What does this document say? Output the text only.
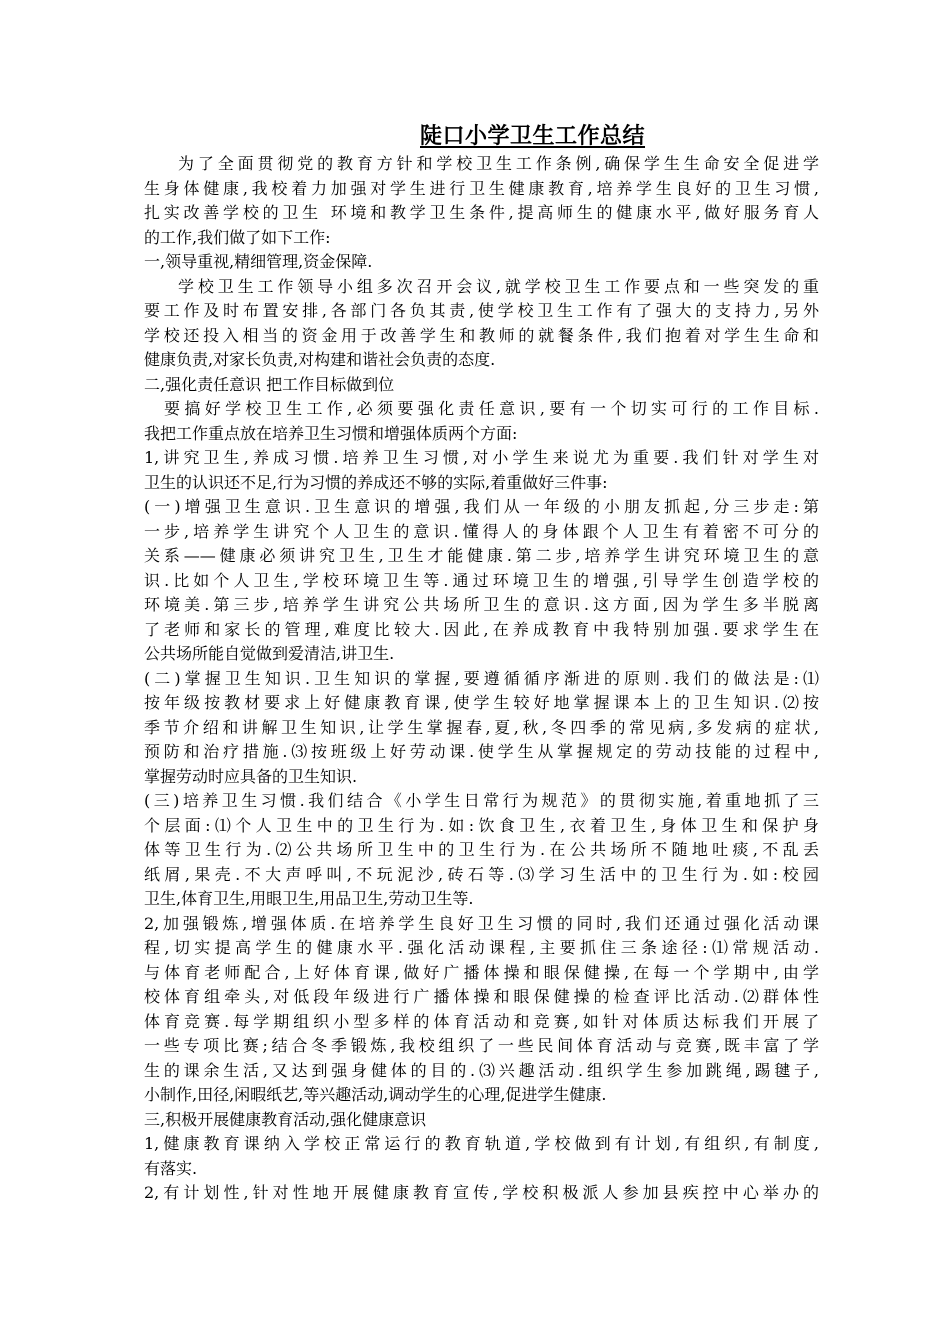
陡口小学卫生工作总结
为了全面贯彻党的教育方针和学校卫生工作条例,确保学生生命安全促进学
生身体健康,我校着力加强对学生进行卫生健康教育,培养学生良好的卫生习惯,
扎实改善学校的卫生 环境和教学卫生条件,提高师生的健康水平,做好服务育人
的工作,我们做了如下工作:
一,领导重视,精细管理,资金保障.
学校卫生工作领导小组多次召开会议,就学校卫生工作要点和一些突发的重
要工作及时布置安排,各部门各负其责,使学校卫生工作有了强大的支持力,另外
学校还投入相当的资金用于改善学生和教师的就餐条件,我们抱着对学生生命和
健康负责,对家长负责,对构建和谐社会负责的态度.
二,强化责任意识 把工作目标做到位
要搞好学校卫生工作,必须要强化责任意识,要有一个切实可行的工作目标.
我把工作重点放在培养卫生习惯和增强体质两个方面:
1,讲究卫生,养成习惯.培养卫生习惯,对小学生来说尤为重要.我们针对学生对
卫生的认识还不足,行为习惯的养成还不够的实际,着重做好三件事:
(一)增强卫生意识.卫生意识的增强,我们从一年级的小朋友抓起,分三步走:第
一步,培养学生讲究个人卫生的意识.懂得人的身体跟个人卫生有着密不可分的
关系——健康必须讲究卫生,卫生才能健康.第二步,培养学生讲究环境卫生的意
识.比如个人卫生,学校环境卫生等.通过环境卫生的增强,引导学生创造学校的
环境美.第三步,培养学生讲究公共场所卫生的意识.这方面,因为学生多半脱离
了老师和家长的管理,难度比较大.因此,在养成教育中我特别加强.要求学生在
公共场所能自觉做到爱清洁,讲卫生.
(二)掌握卫生知识.卫生知识的掌握,要遵循循序渐进的原则.我们的做法是:⑴
按年级按教材要求上好健康教育课,使学生较好地掌握课本上的卫生知识.⑵按
季节介绍和讲解卫生知识,让学生掌握春,夏,秋,冬四季的常见病,多发病的症状,
预防和治疗措施.⑶按班级上好劳动课.使学生从掌握规定的劳动技能的过程中,
掌握劳动时应具备的卫生知识.
(三)培养卫生习惯.我们结合《小学生日常行为规范》的贯彻实施,着重地抓了三
个层面:⑴个人卫生中的卫生行为.如:饮食卫生,衣着卫生,身体卫生和保护身
体等卫生行为.⑵公共场所卫生中的卫生行为.在公共场所不随地吐痰,不乱丢
纸屑,果壳.不大声呼叫,不玩泥沙,砖石等.⑶学习生活中的卫生行为.如:校园
卫生,体育卫生,用眼卫生,用品卫生,劳动卫生等.
2,加强锻炼,增强体质.在培养学生良好卫生习惯的同时,我们还通过强化活动课
程,切实提高学生的健康水平.强化活动课程,主要抓住三条途径:⑴常规活动.
与体育老师配合,上好体育课,做好广播体操和眼保健操,在每一个学期中,由学
校体育组牵头,对低段年级进行广播体操和眼保健操的检查评比活动.⑵群体性
体育竞赛.每学期组织小型多样的体育活动和竞赛,如针对体质达标我们开展了
一些专项比赛;结合冬季锻炼,我校组织了一些民间体育活动与竞赛,既丰富了学
生的课余生活,又达到强身健体的目的.⑶兴趣活动.组织学生参加跳绳,踢毽子,
小制作,田径,闲暇纸艺,等兴趣活动,调动学生的心理,促进学生健康.
三,积极开展健康教育活动,强化健康意识
1,健康教育课纳入学校正常运行的教育轨道,学校做到有计划,有组织,有制度,
有落实.
2,有计划性,针对性地开展健康教育宣传,学校积极派人参加县疾控中心举办的
